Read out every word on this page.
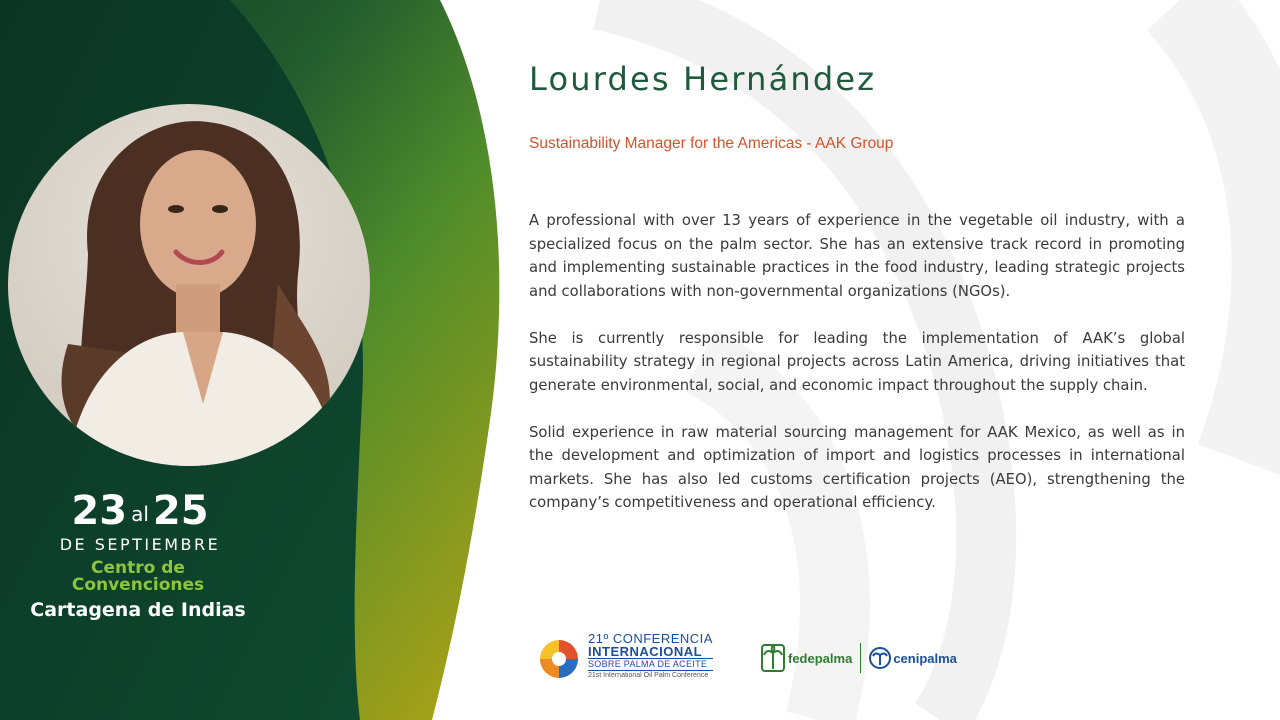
23 al 25
DE SEPTIEMBRE
Centro de
Convenciones
Cartagena de Indias
Lourdes Hernández
Sustainability Manager for the Americas - AAK Group

A professional with over 13 years of experience in the vegetable oil industry, with a specialized focus on the palm sector. She has an extensive track record in promoting and implementing sustainable practices in the food industry, leading strategic projects and collaborations with non-governmental organizations (NGOs).

She is currently responsible for leading the implementation of AAK’s global sustainability strategy in regional projects across Latin America, driving initiatives that generate environmental, social, and economic impact throughout the supply chain.

Solid experience in raw material sourcing management for AAK Mexico, as well as in the development and optimization of import and logistics processes in international markets. She has also led customs certification projects (AEO), strengthening the company’s competitiveness and operational efficiency.

21º CONFERENCIA
INTERNACIONAL
SOBRE PALMA DE ACEITE
21st International Oil Palm Conference
fedepalma	cenipalma
